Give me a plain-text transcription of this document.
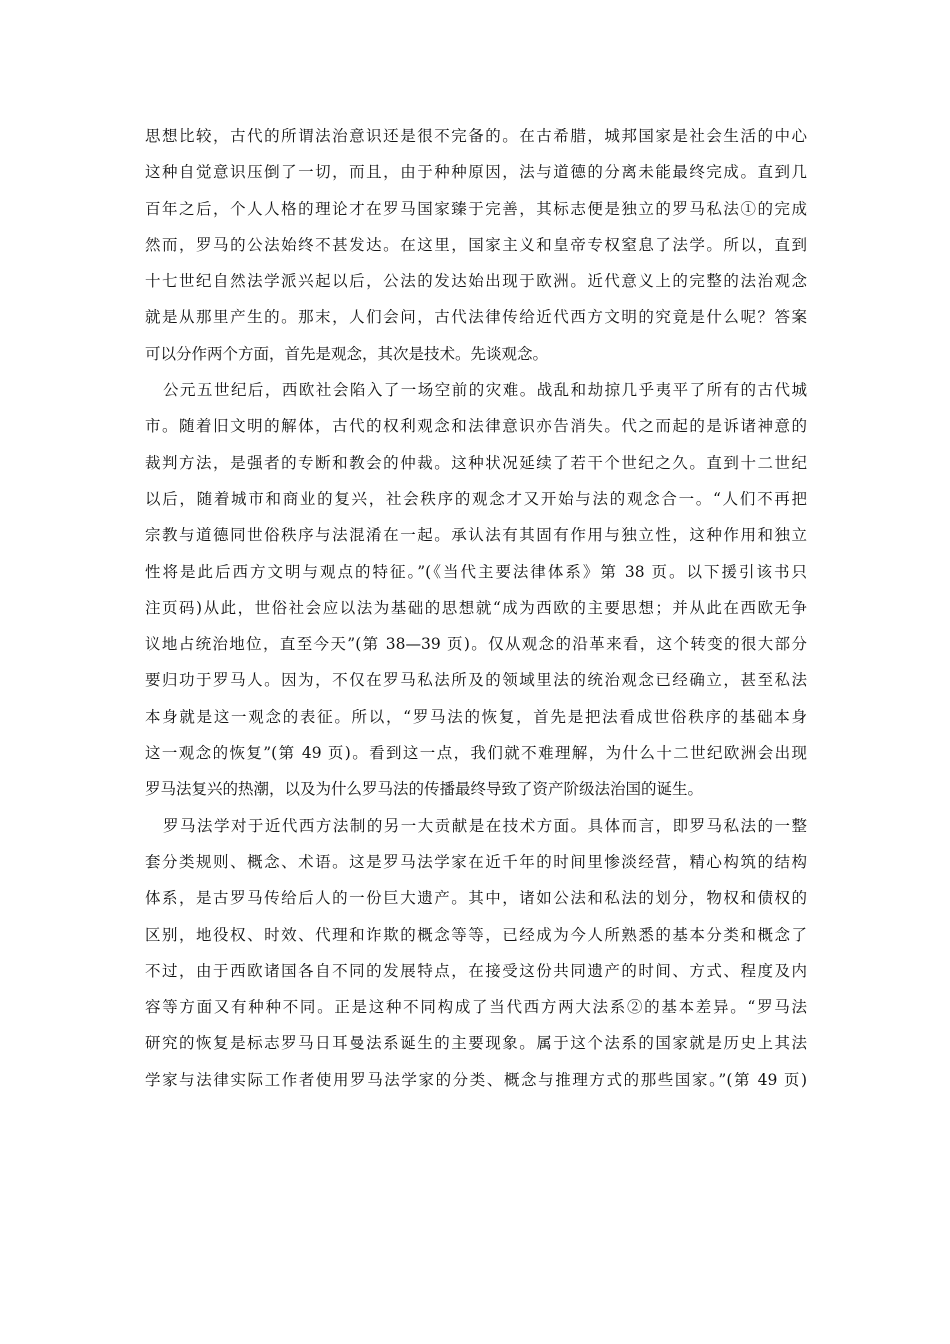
思想比较，古代的所谓法治意识还是很不完备的。在古希腊，城邦国家是社会生活的中心
这种自觉意识压倒了一切，而且，由于种种原因，法与道德的分离未能最终完成。直到几
百年之后，个人人格的理论才在罗马国家臻于完善，其标志便是独立的罗马私法①的完成
然而，罗马的公法始终不甚发达。在这里，国家主义和皇帝专权窒息了法学。所以，直到
十七世纪自然法学派兴起以后，公法的发达始出现于欧洲。近代意义上的完整的法治观念
就是从那里产生的。那末，人们会问，古代法律传给近代西方文明的究竟是什么呢？答案
可以分作两个方面，首先是观念，其次是技术。先谈观念。
公元五世纪后，西欧社会陷入了一场空前的灾难。战乱和劫掠几乎夷平了所有的古代城
市。随着旧文明的解体，古代的权利观念和法律意识亦告消失。代之而起的是诉诸神意的
裁判方法，是强者的专断和教会的仲裁。这种状况延续了若干个世纪之久。直到十二世纪
以后，随着城市和商业的复兴，社会秩序的观念才又开始与法的观念合一。“人们不再把
宗教与道德同世俗秩序与法混淆在一起。承认法有其固有作用与独立性，这种作用和独立
性将是此后西方文明与观点的特征。”(《当代主要法律体系》第 38 页。以下援引该书只
注页码)从此，世俗社会应以法为基础的思想就“成为西欧的主要思想；并从此在西欧无争
议地占统治地位，直至今天”(第 38—39 页)。仅从观念的沿革来看，这个转变的很大部分
要归功于罗马人。因为，不仅在罗马私法所及的领域里法的统治观念已经确立，甚至私法
本身就是这一观念的表征。所以，“罗马法的恢复，首先是把法看成世俗秩序的基础本身
这一观念的恢复”(第 49 页)。看到这一点，我们就不难理解，为什么十二世纪欧洲会出现
罗马法复兴的热潮，以及为什么罗马法的传播最终导致了资产阶级法治国的诞生。
罗马法学对于近代西方法制的另一大贡献是在技术方面。具体而言，即罗马私法的一整
套分类规则、概念、术语。这是罗马法学家在近千年的时间里惨淡经营，精心构筑的结构
体系，是古罗马传给后人的一份巨大遗产。其中，诸如公法和私法的划分，物权和债权的
区别，地役权、时效、代理和诈欺的概念等等，已经成为今人所熟悉的基本分类和概念了
不过，由于西欧诸国各自不同的发展特点，在接受这份共同遗产的时间、方式、程度及内
容等方面又有种种不同。正是这种不同构成了当代西方两大法系②的基本差异。“罗马法
研究的恢复是标志罗马日耳曼法系诞生的主要现象。属于这个法系的国家就是历史上其法
学家与法律实际工作者使用罗马法学家的分类、概念与推理方式的那些国家。”(第 49 页)
